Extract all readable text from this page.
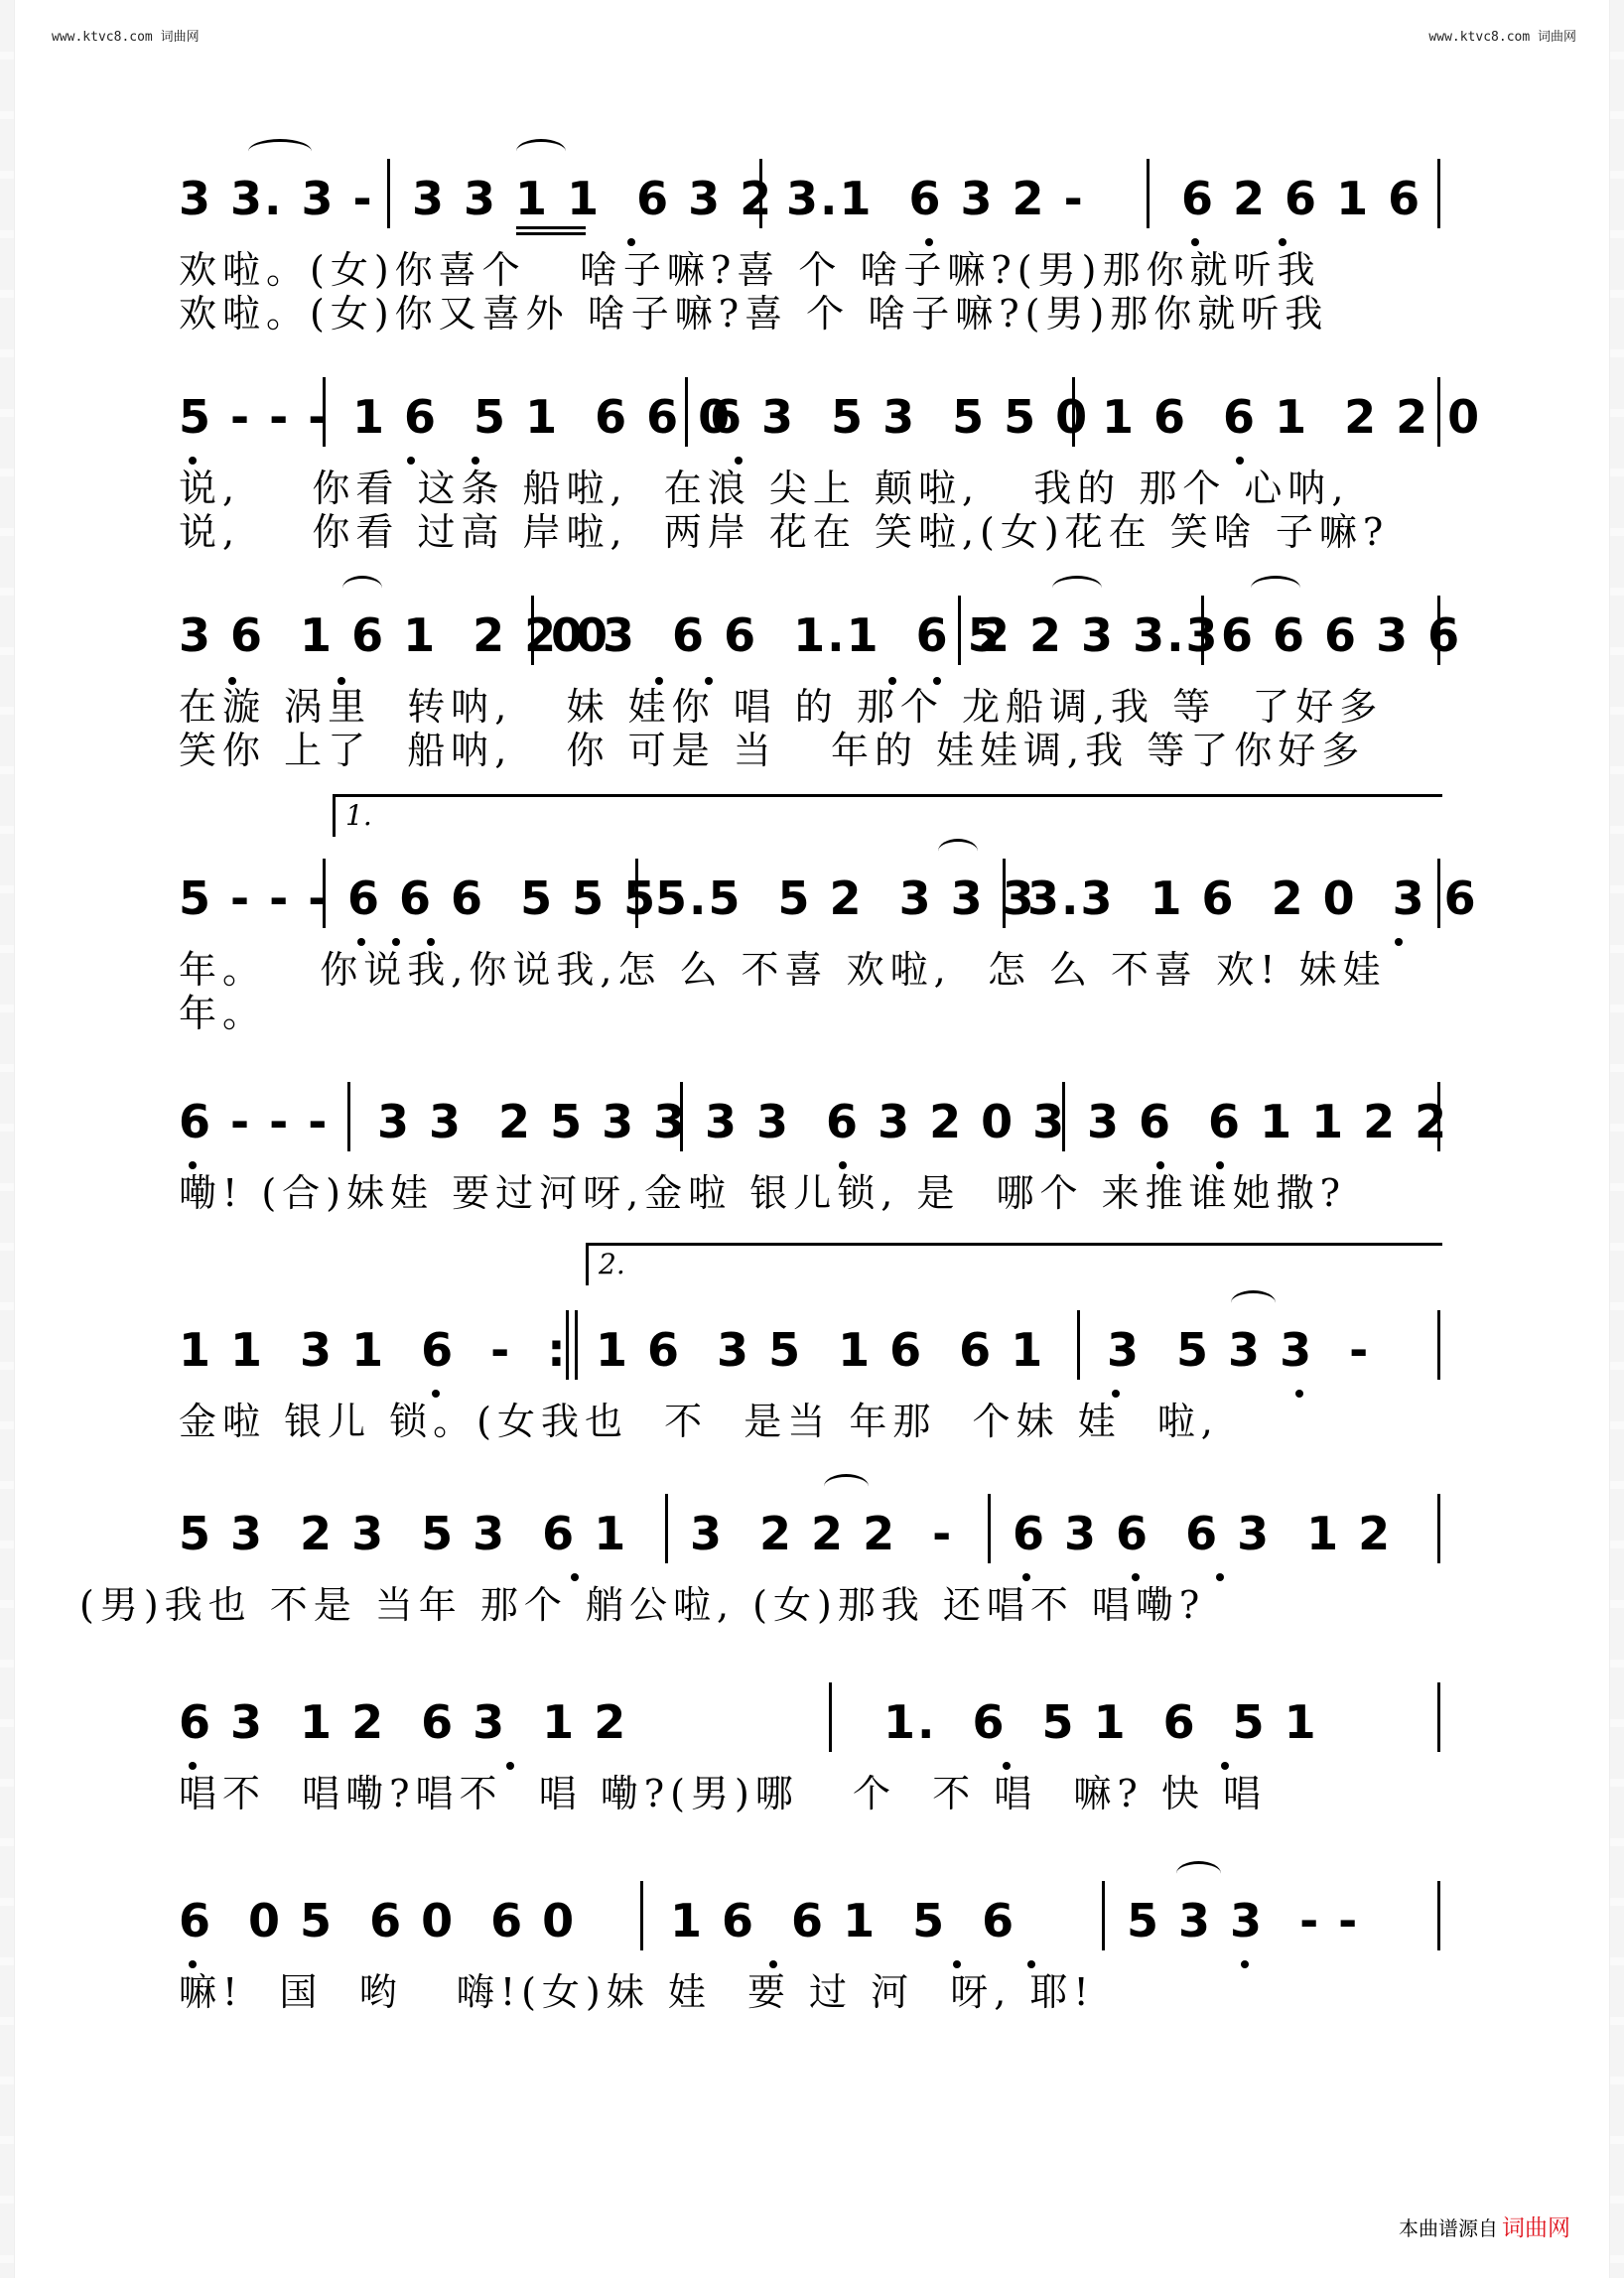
www.ktvc8.com 词曲网	www.ktvc8.com 词曲网
3 3. 3 - 3 3 1 1  6 3 2 3.1  6 3 2 - 6 2 6 1 6
欢啦。(女)你喜个   啥子嘛?喜 个 啥子嘛?(男)那你就听我
欢啦。(女)你又喜外 啥子嘛?喜 个 啥子嘛?(男)那你就听我
5 - - - 1 6  5 1  6 6 0
6 3  5 3  5 5 0 1 6  6 1  2 2 0
说,    你看 这条 船啦,  在浪 尖上 颠啦,   我的 那个 心呐,
说,    你看 过高 岸啦,  两岸 花在 笑啦,(女)花在 笑啥 子嘛?
3 6  1 6 1  2 2 0
0 3  6 6  1.1  6 5
2 2 3 3.3 6 6 6 3 6
在漩 涡里  转呐,   妹 娃你 唱 的 那个 龙船调,我 等  了好多
笑你 上了  船呐,   你 可是 当   年的 娃娃调,我 等了你好多
1.
5 - - - 6 6 6  5 5 5
5.5  5 2  3 3 3
3.3  1 6  2 0  3 6
年。   你说我,你说我,怎 么 不喜 欢啦,  怎 么 不喜 欢! 妹娃
年。
6 - - - 3 3  2 5 3 3 3 3  6 3 2 0 3 3 6  6 1 1 2 2
嘞! (合)妹娃 要过河呀,金啦 银儿锁, 是  哪个 来推谁她撒?
2.
1 1  3 1  6  -  : 1 6  3 5  1 6  6 1 3  5 3 3  -
金啦 银儿 锁。(女我也  不  是当 年那  个妹 娃  啦,
5 3  2 3  5 3  6 1 3  2 2 2  - 6 3 6  6 3  1 2
(男)我也 不是 当年 那个 艄公啦, (女)那我 还唱不 唱嘞?
6 3  1 2  6 3  1 2	1.  6  5 1  6  5 1
唱不  唱嘞?唱不  唱 嘞?(男)哪   个  不 唱  嘛? 快 唱
6  0 5  6 0  6 0 1 6  6 1  5  6 5 3 3  - -
嘛!  国  哟   嗨!(女)妹 娃  要 过 河  呀, 耶!
本曲谱源自 词曲网
